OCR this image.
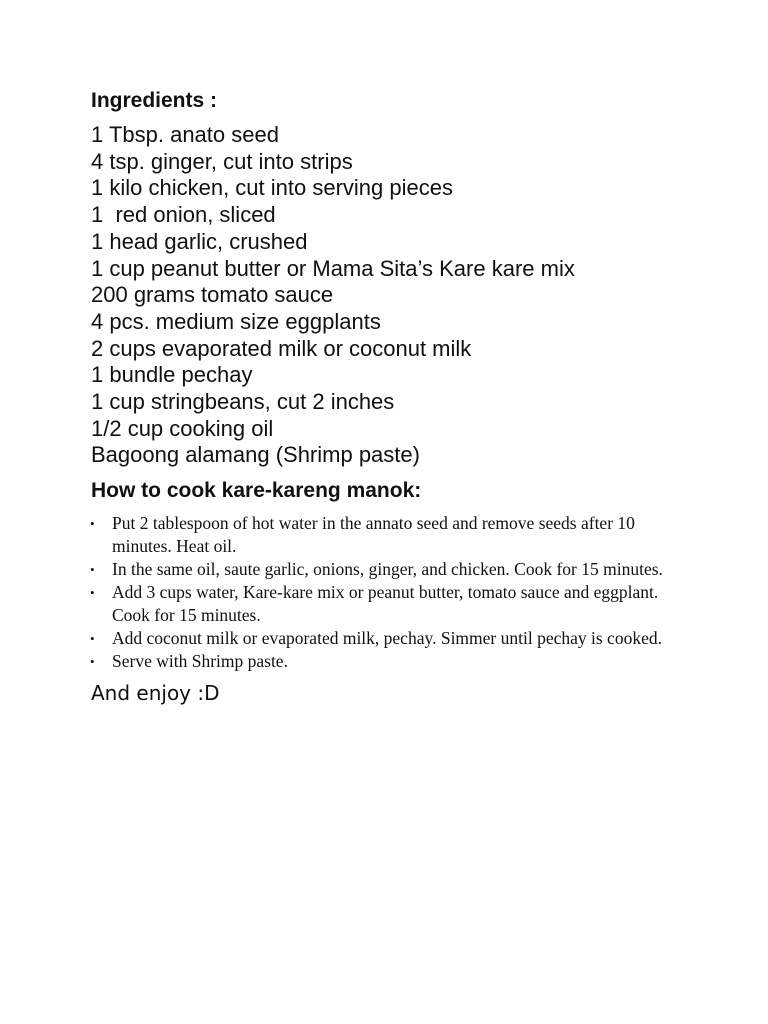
Ingredients :
1 Tbsp. anato seed
4 tsp. ginger, cut into strips
1 kilo chicken, cut into serving pieces
1  red onion, sliced
1 head garlic, crushed
1 cup peanut butter or Mama Sita’s Kare kare mix
200 grams tomato sauce
4 pcs. medium size eggplants
2 cups evaporated milk or coconut milk
1 bundle pechay
1 cup stringbeans, cut 2 inches
1/2 cup cooking oil
Bagoong alamang (Shrimp paste)
How to cook kare-kareng manok:
• Put 2 tablespoon of hot water in the annato seed and remove seeds after 10 minutes. Heat oil.
• In the same oil, saute garlic, onions, ginger, and chicken. Cook for 15 minutes.
• Add 3 cups water, Kare-kare mix or peanut butter, tomato sauce and eggplant. Cook for 15 minutes.
• Add coconut milk or evaporated milk, pechay. Simmer until pechay is cooked.
• Serve with Shrimp paste.

And enjoy :D
